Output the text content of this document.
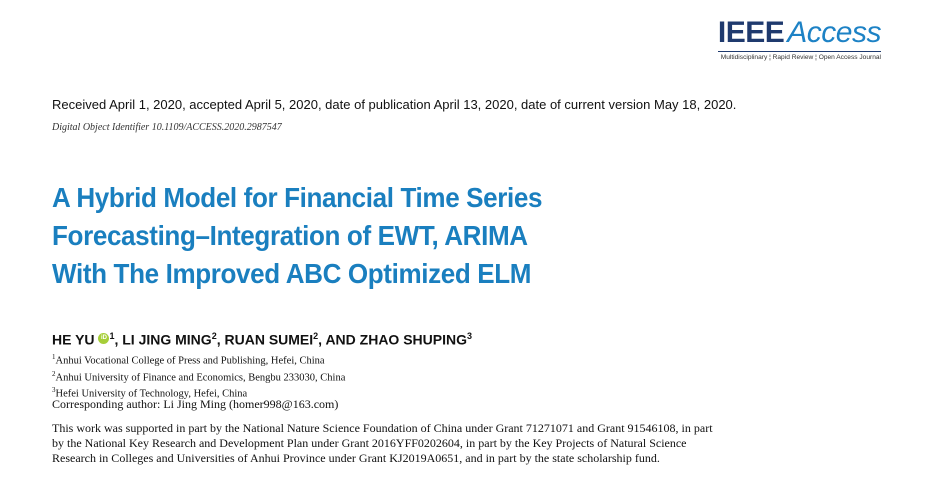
IEEE Access
Multidisciplinary ¦ Rapid Review ¦ Open Access Journal
Received April 1, 2020, accepted April 5, 2020, date of publication April 13, 2020, date of current version May 18, 2020.
Digital Object Identifier 10.1109/ACCESS.2020.2987547
A Hybrid Model for Financial Time Series
Forecasting–Integration of EWT, ARIMA
With The Improved ABC Optimized ELM
HE YU iD $^1$, LI JING MING$^2$, RUAN SUMEI$^2$, AND ZHAO SHUPING$^3$
$^1$Anhui Vocational College of Press and Publishing, Hefei, China
$^2$Anhui University of Finance and Economics, Bengbu 233030, China
$^3$Hefei University of Technology, Hefei, China
Corresponding author: Li Jing Ming (homer998@163.com)
This work was supported in part by the National Nature Science Foundation of China under Grant 71271071 and Grant 91546108, in part
by the National Key Research and Development Plan under Grant 2016YFF0202604, in part by the Key Projects of Natural Science
Research in Colleges and Universities of Anhui Province under Grant KJ2019A0651, and in part by the state scholarship fund.
